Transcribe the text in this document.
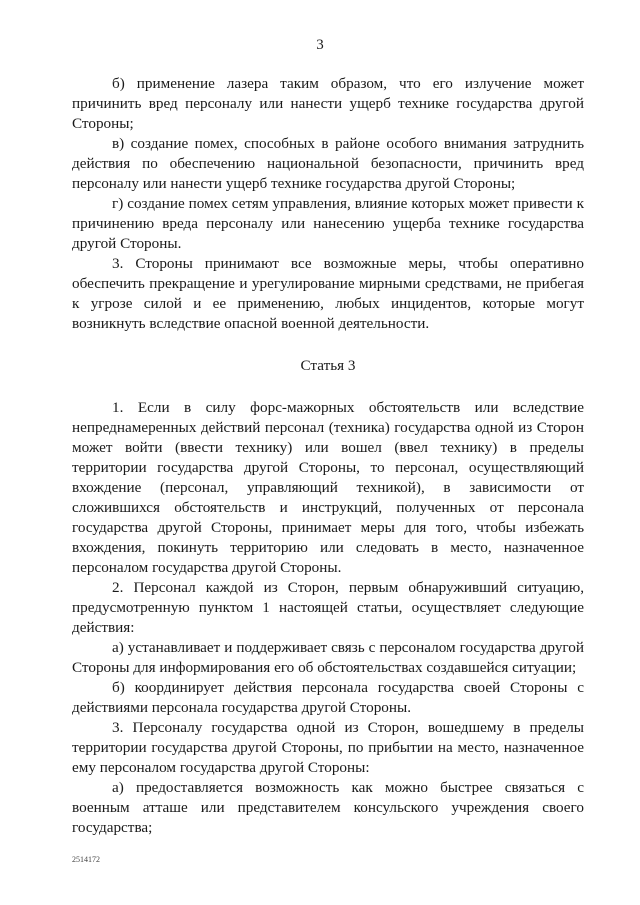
3

б) применение лазера таким образом, что его излучение может причинить вред персоналу или нанести ущерб технике государства другой Стороны;

в) создание помех, способных в районе особого внимания затруднить действия по обеспечению национальной безопасности, причинить вред персоналу или нанести ущерб технике государства другой Стороны;

г) создание помех сетям управления, влияние которых может привести к причинению вреда персоналу или нанесению ущерба технике государства другой Стороны.

3. Стороны принимают все возможные меры, чтобы оперативно обеспечить прекращение и урегулирование мирными средствами, не прибегая к угрозе силой и ее применению, любых инцидентов, которые могут возникнуть вследствие опасной военной деятельности.

Статья 3

1. Если в силу форс-мажорных обстоятельств или вследствие непреднамеренных действий персонал (техника) государства одной из Сторон может войти (ввести технику) или вошел (ввел технику) в пределы территории государства другой Стороны, то персонал, осуществляющий вхождение (персонал, управляющий техникой), в зависимости от сложившихся обстоятельств и инструкций, полученных от персонала государства другой Стороны, принимает меры для того, чтобы избежать вхождения, покинуть территорию или следовать в место, назначенное персоналом государства другой Стороны.

2. Персонал каждой из Сторон, первым обнаруживший ситуацию, предусмотренную пунктом 1 настоящей статьи, осуществляет следующие действия:

а) устанавливает и поддерживает связь с персоналом государства другой Стороны для информирования его об обстоятельствах создавшейся ситуации;

б) координирует действия персонала государства своей Стороны с действиями персонала государства другой Стороны.

3. Персоналу государства одной из Сторон, вошедшему в пределы территории государства другой Стороны, по прибытии на место, назначенное ему персоналом государства другой Стороны:

а) предоставляется возможность как можно быстрее связаться с военным атташе или представителем консульского учреждения своего государства;

2514172
